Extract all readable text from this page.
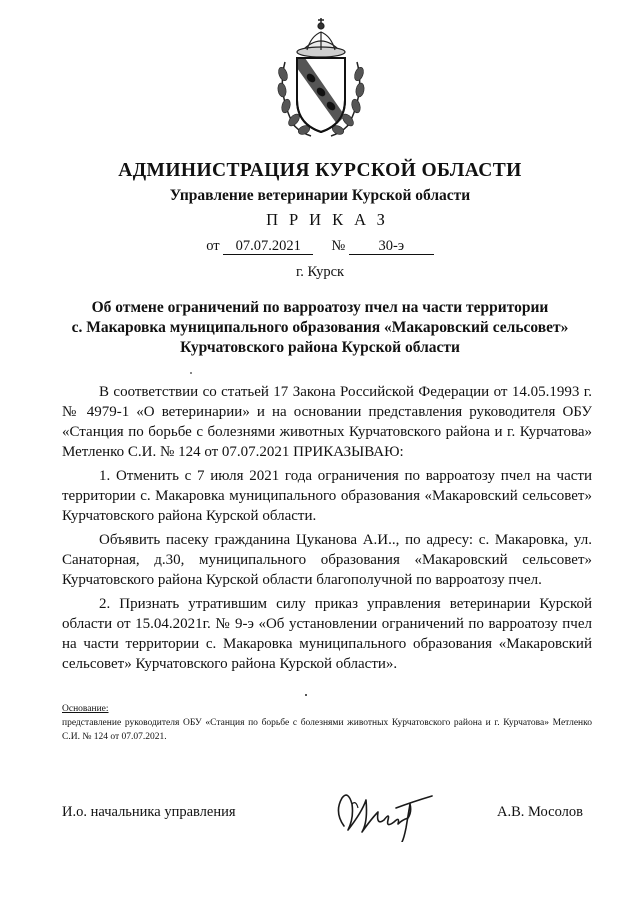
АДМИНИСТРАЦИЯ КУРСКОЙ ОБЛАСТИ
Управление ветеринарии Курской области
ПРИКАЗ
от 07.07.2021 № 30-э
г. Курск
Об отмене ограничений по варроатозу пчел на части территории
с. Макаровка муниципального образования «Макаровский сельсовет»
Курчатовского района Курской области

В соответствии со статьей 17 Закона Российской Федерации от 14.05.1993 г. № 4979-1 «О ветеринарии» и на основании представления руководителя ОБУ «Станция по борьбе с болезнями животных Курчатовского района и г. Курчатова» Метленко С.И. № 124 от 07.07.2021 ПРИКАЗЫВАЮ:

1. Отменить с 7 июля 2021 года ограничения по варроатозу пчел на части территории с. Макаровка муниципального образования «Макаровский сельсовет» Курчатовского района Курской области.

Объявить пасеку гражданина Цуканова А.И.., по адресу: с. Макаровка, ул. Санаторная, д.30, муниципального образования «Макаровский сельсовет» Курчатовского района Курской области благополучной по варроатозу пчел.

2. Признать утратившим силу приказ управления ветеринарии Курской области от 15.04.2021г. № 9-э «Об установлении ограничений по варроатозу пчел на части территории с. Макаровка муниципального образования «Макаровский сельсовет» Курчатовского района Курской области».

Основание:
представление руководителя ОБУ «Станция по борьбе с болезнями животных Курчатовского района и г. Курчатова» Метленко С.И. № 124 от 07.07.2021.
И.о. начальника управления	А.В. Мосолов
